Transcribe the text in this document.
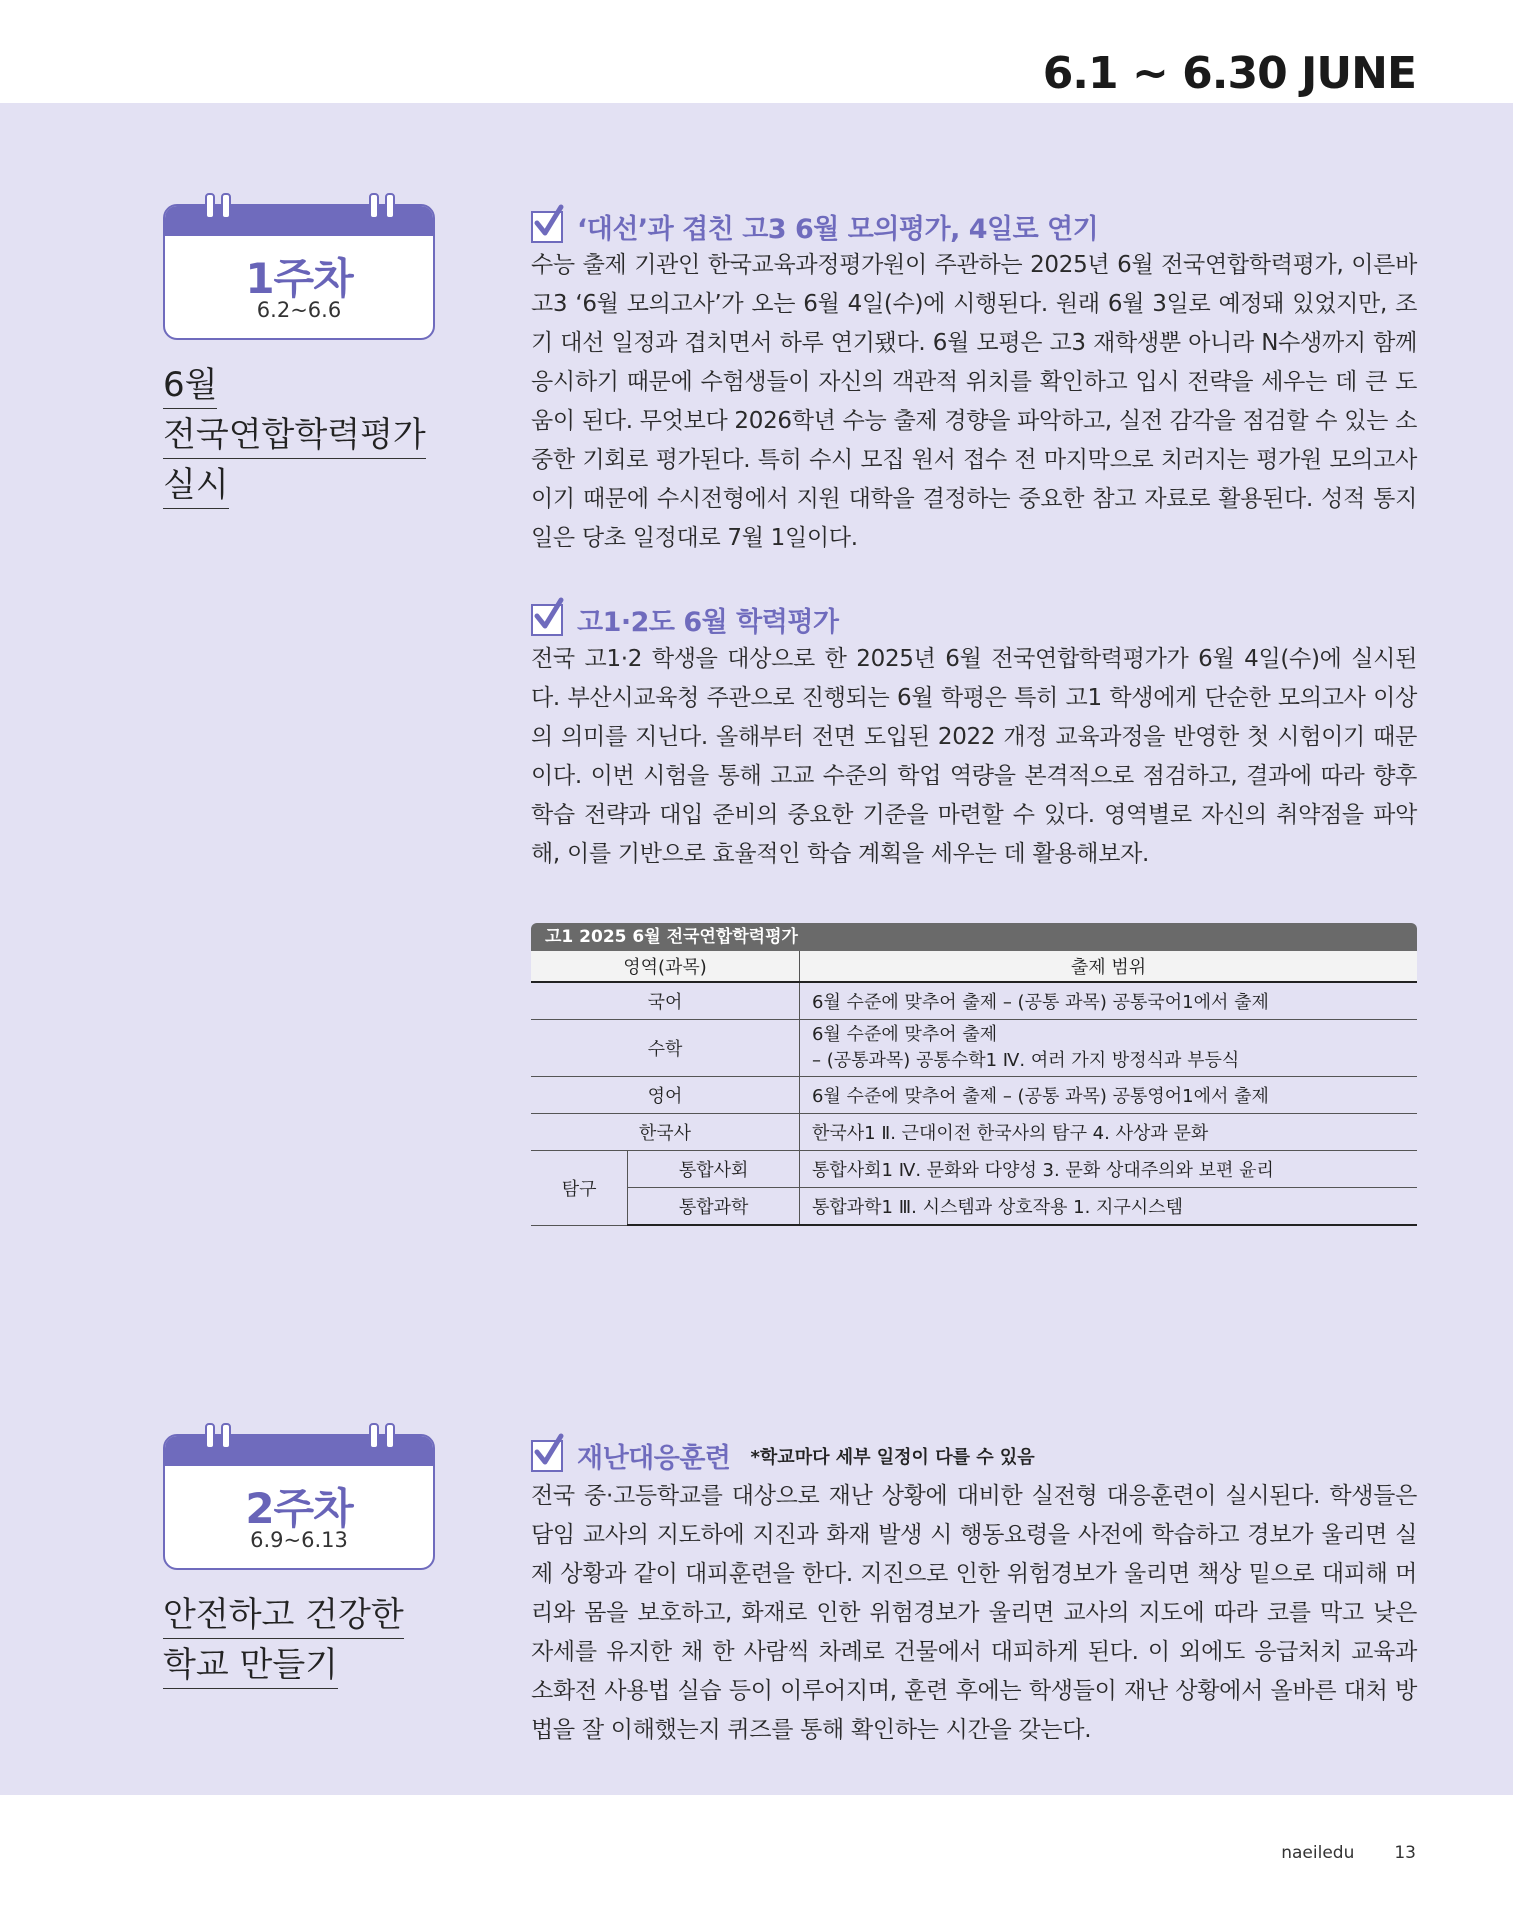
6.1 ~ 6.30 JUNE
1주차
6.2~6.6
6월
전국연합학력평가
실시
‘대선’과 겹친 고3 6월 모의평가, 4일로 연기
수능 출제 기관인 한국교육과정평가원이 주관하는 2025년 6월 전국연합학력평가, 이른바 고3 ‘6월 모의고사’가 오는 6월 4일(수)에 시행된다. 원래 6월 3일로 예정돼 있었지만, 조기 대선 일정과 겹치면서 하루 연기됐다. 6월 모평은 고3 재학생뿐 아니라 N수생까지 함께 응시하기 때문에 수험생들이 자신의 객관적 위치를 확인하고 입시 전략을 세우는 데 큰 도움이 된다. 무엇보다 2026학년 수능 출제 경향을 파악하고, 실전 감각을 점검할 수 있는 소중한 기회로 평가된다. 특히 수시 모집 원서 접수 전 마지막으로 치러지는 평가원 모의고사이기 때문에 수시전형에서 지원 대학을 결정하는 중요한 참고 자료로 활용된다. 성적 통지일은 당초 일정대로 7월 1일이다.
고1·2도 6월 학력평가
전국 고1·2 학생을 대상으로 한 2025년 6월 전국연합학력평가가 6월 4일(수)에 실시된다. 부산시교육청 주관으로 진행되는 6월 학평은 특히 고1 학생에게 단순한 모의고사 이상의 의미를 지닌다. 올해부터 전면 도입된 2022 개정 교육과정을 반영한 첫 시험이기 때문이다. 이번 시험을 통해 고교 수준의 학업 역량을 본격적으로 점검하고, 결과에 따라 향후 학습 전략과 대입 준비의 중요한 기준을 마련할 수 있다. 영역별로 자신의 취약점을 파악해, 이를 기반으로 효율적인 학습 계획을 세우는 데 활용해보자.
고1 2025 6월 전국연합학력평가
영역(과목)		출제 범위
국어		6월 수준에 맞추어 출제 – (공통 과목) 공통국어1에서 출제
수학		6월 수준에 맞추어 출제
– (공통과목) 공통수학1 Ⅳ. 여러 가지 방정식과 부등식
영어		6월 수준에 맞추어 출제 – (공통 과목) 공통영어1에서 출제
한국사		한국사1 Ⅱ. 근대이전 한국사의 탐구 4. 사상과 문화
탐구	통합사회	통합사회1 Ⅳ. 문화와 다양성 3. 문화 상대주의와 보편 윤리
	통합과학	통합과학1 Ⅲ. 시스템과 상호작용 1. 지구시스템
2주차
6.9~6.13
안전하고 건강한
학교 만들기
재난대응훈련 *학교마다 세부 일정이 다를 수 있음
전국 중·고등학교를 대상으로 재난 상황에 대비한 실전형 대응훈련이 실시된다. 학생들은 담임 교사의 지도하에 지진과 화재 발생 시 행동요령을 사전에 학습하고 경보가 울리면 실제 상황과 같이 대피훈련을 한다. 지진으로 인한 위험경보가 울리면 책상 밑으로 대피해 머리와 몸을 보호하고, 화재로 인한 위험경보가 울리면 교사의 지도에 따라 코를 막고 낮은 자세를 유지한 채 한 사람씩 차례로 건물에서 대피하게 된다. 이 외에도 응급처치 교육과 소화전 사용법 실습 등이 이루어지며, 훈련 후에는 학생들이 재난 상황에서 올바른 대처 방법을 잘 이해했는지 퀴즈를 통해 확인하는 시간을 갖는다.
naeiledu 13
